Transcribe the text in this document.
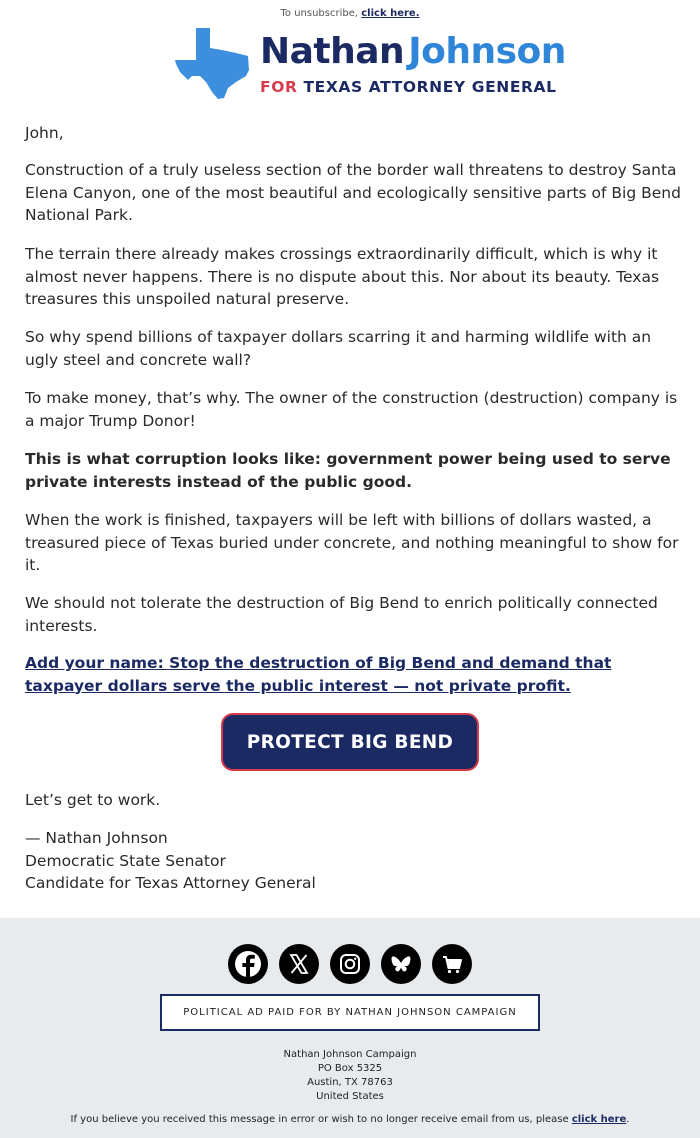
To unsubscribe, click here.
Nathan Johnson
FOR TEXAS ATTORNEY GENERAL

John,

Construction of a truly useless section of the border wall threatens to destroy Santa Elena Canyon, one of the most beautiful and ecologically sensitive parts of Big Bend National Park.

The terrain there already makes crossings extraordinarily difficult, which is why it almost never happens. There is no dispute about this. Nor about its beauty. Texas treasures this unspoiled natural preserve.

So why spend billions of taxpayer dollars scarring it and harming wildlife with an ugly steel and concrete wall?

To make money, that’s why. The owner of the construction (destruction) company is a major Trump Donor!

This is what corruption looks like: government power being used to serve private interests instead of the public good.

When the work is finished, taxpayers will be left with billions of dollars wasted, a treasured piece of Texas buried under concrete, and nothing meaningful to show for it.

We should not tolerate the destruction of Big Bend to enrich politically connected interests.

Add your name: Stop the destruction of Big Bend and demand that taxpayer dollars serve the public interest — not private profit.

PROTECT BIG BEND

Let’s get to work.

— Nathan Johnson
Democratic State Senator
Candidate for Texas Attorney General
POLITICAL AD PAID FOR BY NATHAN JOHNSON CAMPAIGN
Nathan Johnson Campaign
PO Box 5325
Austin, TX 78763
United States
If you believe you received this message in error or wish to no longer receive email from us, please click here.
